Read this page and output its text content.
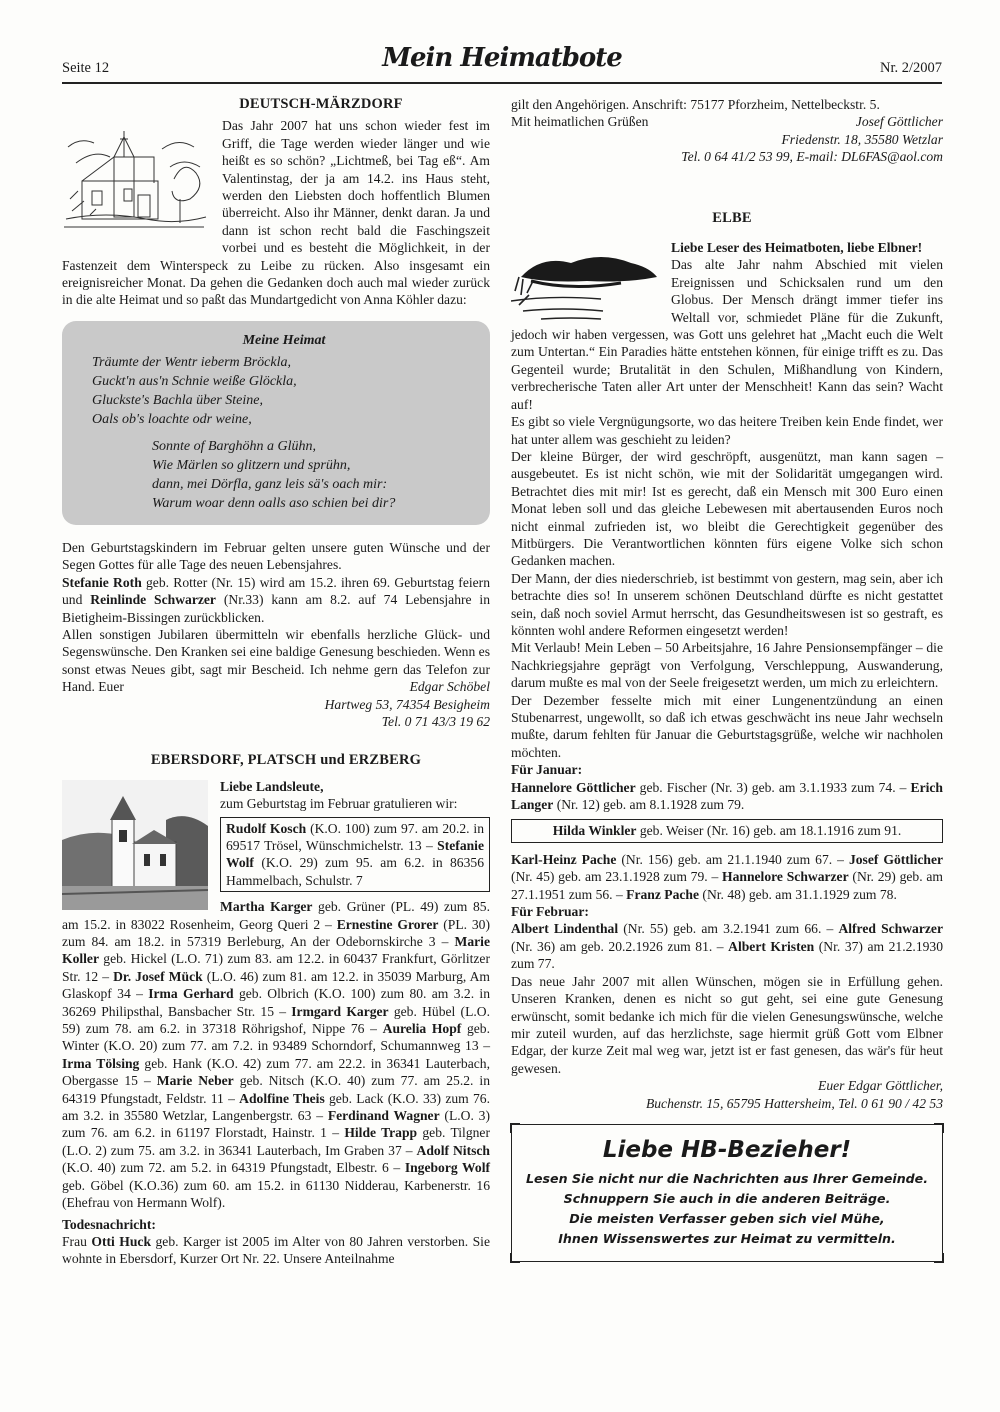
Seite 12	Mein Heimatbote	Nr. 2/2007
DEUTSCH-MÄRZDORF

Das Jahr 2007 hat uns schon wieder fest im Griff, die Tage werden wieder länger und wie heißt es so schön? „Lichtmeß, bei Tag eß“. Am Valentinstag, der ja am 14.2. ins Haus steht, werden den Liebsten doch hoffentlich Blumen überreicht. Also ihr Männer, denkt daran. Ja und dann ist schon recht bald die Faschingszeit vorbei und es besteht die Möglichkeit, in der Fastenzeit dem Winterspeck zu Leibe zu rücken. Also insgesamt ein ereignisreicher Monat. Da gehen die Gedanken doch auch mal wieder zurück in die alte Heimat und so paßt das Mundartgedicht von Anna Köhler dazu:

Meine Heimat
Träumte der Wentr ieberm Bröckla,
Guckt'n aus'n Schnie weiße Glöckla,
Gluckste's Bachla über Steine,
Oals ob's loachte odr weine,
Sonnte of Barghöhn a Glühn,
Wie Märlen so glitzern und sprühn,
dann, mei Dörfla, ganz leis sä's oach mir:
Warum woar denn oalls aso schien bei dir?

Den Geburtstagskindern im Februar gelten unsere guten Wünsche und der Segen Gottes für alle Tage des neuen Lebensjahres.

Stefanie Roth geb. Rotter (Nr. 15) wird am 15.2. ihren 69. Geburtstag feiern und Reinlinde Schwarzer (Nr.33) kann am 8.2. auf 74 Lebensjahre in Bietigheim-Bissingen zurückblicken.

Allen sonstigen Jubilaren übermitteln wir ebenfalls herzliche Glück- und Segenswünsche. Den Kranken sei eine baldige Genesung beschieden. Wenn es sonst etwas Neues gibt, sagt mir Bescheid. Ich nehme gern das Telefon zur Hand. Euer	Edgar Schöbel

Hartweg 53, 74354 Besigheim
Tel. 0 71 43/3 19 62
EBERSDORF, PLATSCH und ERZBERG
Liebe Landsleute,
zum Geburtstag im Februar gratulieren wir:
Rudolf Kosch (K.O. 100) zum 97. am 20.2. in 69517 Trösel, Wünschmichelstr. 13 – Stefanie Wolf (K.O. 29) zum 95. am 6.2. in 86356 Hammelbach, Schulstr. 7

Martha Karger geb. Grüner (PL. 49) zum 85. am 15.2. in 83022 Rosenheim, Georg Queri 2 – Ernestine Grorer (PL. 30) zum 84. am 18.2. in 57319 Berleburg, An der Odebornskirche 3 – Marie Koller geb. Hickel (L.O. 71) zum 83. am 12.2. in 60437 Frankfurt, Görlitzer Str. 12 – Dr. Josef Mück (L.O. 46) zum 81. am 12.2. in 35039 Marburg, Am Glaskopf 34 – Irma Gerhard geb. Olbrich (K.O. 100) zum 80. am 3.2. in 36269 Philipsthal, Bansbacher Str. 15 – Irmgard Karger geb. Hübel (L.O. 59) zum 78. am 6.2. in 37318 Röhrigshof, Nippe 76 – Aurelia Hopf geb. Winter (K.O. 20) zum 77. am 7.2. in 93489 Schorndorf, Schumannweg 13 – Irma Tölsing geb. Hank (K.O. 42) zum 77. am 22.2. in 36341 Lauterbach, Obergasse 15 – Marie Neber geb. Nitsch (K.O. 40) zum 77. am 25.2. in 64319 Pfungstadt, Feldstr. 11 – Adolfine Theis geb. Lack (K.O. 33) zum 76. am 3.2. in 35580 Wetzlar, Langenbergstr. 63 – Ferdinand Wagner (L.O. 3) zum 76. am 6.2. in 61197 Florstadt, Hainstr. 1 – Hilde Trapp geb. Tilgner (L.O. 2) zum 75. am 3.2. in 36341 Lauterbach, Im Graben 37 – Adolf Nitsch (K.O. 40) zum 72. am 5.2. in 64319 Pfungstadt, Elbestr. 6 – Ingeborg Wolf geb. Göbel (K.O.36) zum 60. am 15.2. in 61130 Nidderau, Karbenerstr. 16 (Ehefrau von Hermann Wolf).

Todesnachricht:

Frau Otti Huck geb. Karger ist 2005 im Alter von 80 Jahren verstorben. Sie wohnte in Ebersdorf, Kurzer Ort Nr. 22. Unsere Anteilnahme

gilt den Angehörigen. Anschrift: 75177 Pforzheim, Nettelbeckstr. 5.

Mit heimatlichen Grüßen	Josef Göttlicher

Friedenstr. 18, 35580 Wetzlar
Tel. 0 64 41/2 53 99, E-mail: DL6FAS@aol.com
ELBE
Liebe Leser des Heimatboten, liebe Elbner!

Das alte Jahr nahm Abschied mit vielen Ereignissen und Schicksalen rund um den Globus. Der Mensch drängt immer tiefer ins Weltall vor, schmiedet Pläne für die Zukunft, jedoch wir haben vergessen, was Gott uns gelehret hat „Macht euch die Welt zum Untertan.“ Ein Paradies hätte entstehen können, für einige trifft es zu. Das Gegenteil wurde; Brutalität in den Schulen, Mißhandlung von Kindern, verbrecherische Taten aller Art unter der Menschheit! Kann das sein? Wacht auf!

Es gibt so viele Vergnügungsorte, wo das heitere Treiben kein Ende findet, wer hat unter allem was geschieht zu leiden?

Der kleine Bürger, der wird geschröpft, ausgenützt, man kann sagen – ausgebeutet. Es ist nicht schön, wie mit der Solidarität umgegangen wird. Betrachtet dies mit mir! Ist es gerecht, daß ein Mensch mit 300 Euro einen Monat leben soll und das gleiche Lebewesen mit abertausenden Euros noch nicht einmal zufrieden ist, wo bleibt die Gerechtigkeit gegenüber des Mitbürgers. Die Verantwortlichen könnten fürs eigene Volke sich schon Gedanken machen.

Der Mann, der dies niederschrieb, ist bestimmt von gestern, mag sein, aber ich betrachte dies so! In unserem schönen Deutschland dürfte es nicht gestattet sein, daß noch soviel Armut herrscht, das Gesundheitswesen ist so gestraft, es könnten wohl andere Reformen eingesetzt werden!

Mit Verlaub! Mein Leben – 50 Arbeitsjahre, 16 Jahre Pensionsempfänger – die Nachkriegsjahre geprägt von Verfolgung, Verschleppung, Auswanderung, darum mußte es mal von der Seele freigesetzt werden, um mich zu erleichtern.

Der Dezember fesselte mich mit einer Lungenentzündung an einen Stubenarrest, ungewollt, so daß ich etwas geschwächt ins neue Jahr wechseln mußte, darum fehlten für Januar die Geburtstagsgrüße, welche wir nachholen möchten.

Für Januar:

Hannelore Göttlicher geb. Fischer (Nr. 3) geb. am 3.1.1933 zum 74. – Erich Langer (Nr. 12) geb. am 8.1.1928 zum 79.

Hilda Winkler geb. Weiser (Nr. 16) geb. am 18.1.1916 zum 91.

Karl-Heinz Pache (Nr. 156) geb. am 21.1.1940 zum 67. – Josef Göttlicher (Nr. 45) geb. am 23.1.1928 zum 79. – Hannelore Schwarzer (Nr. 29) geb. am 27.1.1951 zum 56. – Franz Pache (Nr. 48) geb. am 31.1.1929 zum 78.

Für Februar:

Albert Lindenthal (Nr. 55) geb. am 3.2.1941 zum 66. – Alfred Schwarzer (Nr. 36) am geb. 20.2.1926 zum 81. – Albert Kristen (Nr. 37) am 21.2.1930 zum 77.

Das neue Jahr 2007 mit allen Wünschen, mögen sie in Erfüllung gehen. Unseren Kranken, denen es nicht so gut geht, sei eine gute Genesung erwünscht, somit bedanke ich mich für die vielen Genesungswünsche, welche mir zuteil wurden, auf das herzlichste, sage hiermit grüß Gott vom Elbner Edgar, der kurze Zeit mal weg war, jetzt ist er fast genesen, das wär's für heut gewesen.

Euer Edgar Göttlicher,
Buchenstr. 15, 65795 Hattersheim, Tel. 0 61 90 / 42 53
Liebe HB-Bezieher!
Lesen Sie nicht nur die Nachrichten aus Ihrer Gemeinde.
Schnuppern Sie auch in die anderen Beiträge.
Die meisten Verfasser geben sich viel Mühe,
Ihnen Wissenswertes zur Heimat zu vermitteln.
